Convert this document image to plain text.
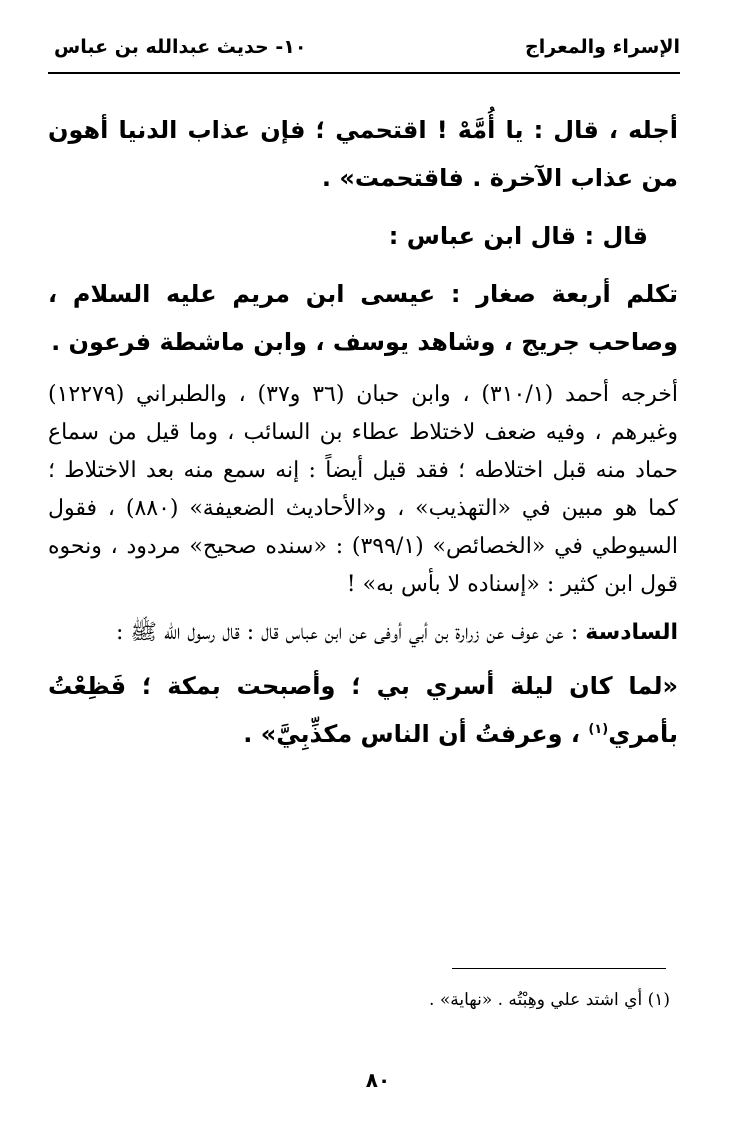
الإسراء والمعراج
١٠- حديث عبدالله بن عباس

أجله ، قال : يا أُمَّهْ ! اقتحمي ؛ فإن عذاب الدنيا أهون من عذاب الآخرة . فاقتحمت» .

قال : قال ابن عباس :

تكلم أربعة صغار : عيسى ابن مريم عليه السلام ، وصاحب جريج ، وشاهد يوسف ، وابن ماشطة فرعون .

أخرجه أحمد (٣١٠/١) ، وابن حبان (٣٦ و٣٧) ، والطبراني (١٢٢٧٩) وغيرهم ، وفيه ضعف لاختلاط عطاء بن السائب ، وما قيل من سماع حماد منه قبل اختلاطه ؛ فقد قيل أيضاً : إنه سمع منه بعد الاختلاط ؛ كما هو مبين في «التهذيب» ، و«الأحاديث الضعيفة» (٨٨٠) ، فقول السيوطي في «الخصائص» (٣٩٩/١) : «سنده صحيح» مردود ، ونحوه قول ابن كثير : «إسناده لا بأس به» !

السادسة : عن عوف عن زرارة بن أبي أوفى عن ابن عباس قال : قال رسول الله ﷺ :

«لما كان ليلة أسري بي ؛ وأصبحت بمكة ؛ فَظِعْتُ بأمري$^{(١)}$ ، وعرفتُ أن الناس مكذِّبِيَّ» .

(١) أي اشتد علي وهِبْتُه . «نهاية» .
٨٠
